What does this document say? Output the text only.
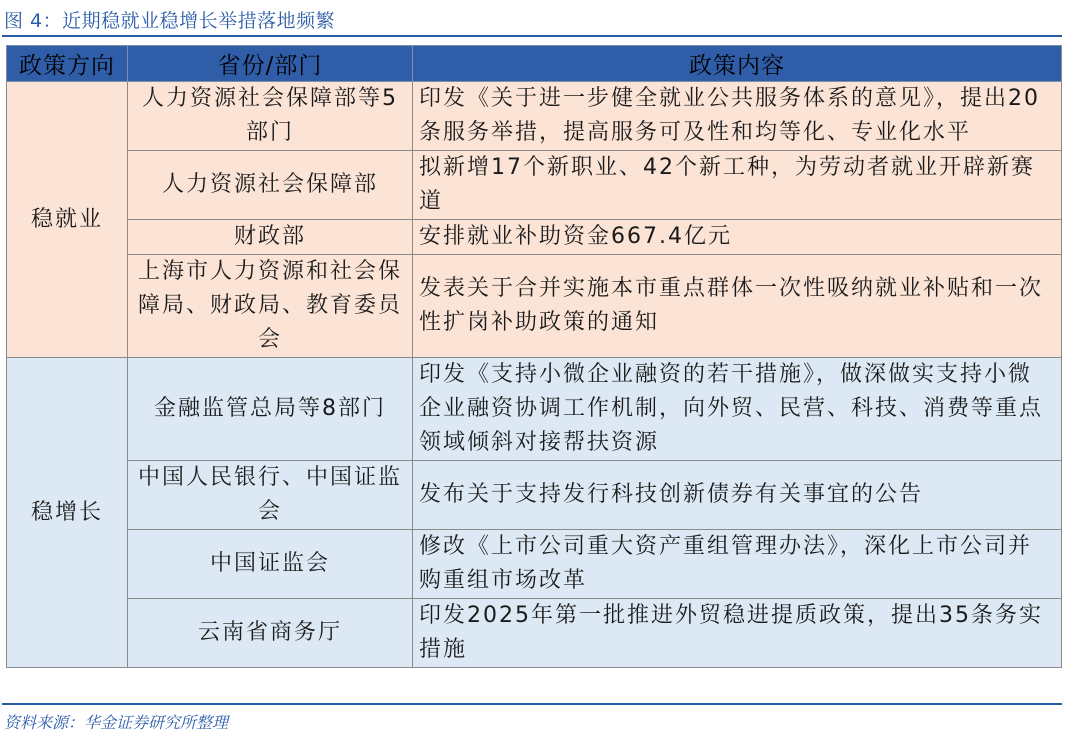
图 4：近期稳就业稳增长举措落地频繁
政策方向	省份/部门	政策内容
稳就业	人力资源社会保障部等5部门	印发《关于进一步健全就业公共服务体系的意见》，提出20条服务举措，提高服务可及性和均等化、专业化水平
	人力资源社会保障部	拟新增17个新职业、42个新工种，为劳动者就业开辟新赛道
	财政部	安排就业补助资金667.4亿元
	上海市人力资源和社会保障局、财政局、教育委员会	发表关于合并实施本市重点群体一次性吸纳就业补贴和一次性扩岗补助政策的通知
稳增长	金融监管总局等8部门	印发《支持小微企业融资的若干措施》，做深做实支持小微企业融资协调工作机制，向外贸、民营、科技、消费等重点领域倾斜对接帮扶资源
	中国人民银行、中国证监会	发布关于支持发行科技创新债券有关事宜的公告
	中国证监会	修改《上市公司重大资产重组管理办法》，深化上市公司并购重组市场改革
	云南省商务厅	印发2025年第一批推进外贸稳进提质政策，提出35条务实措施
资料来源：华金证券研究所整理
